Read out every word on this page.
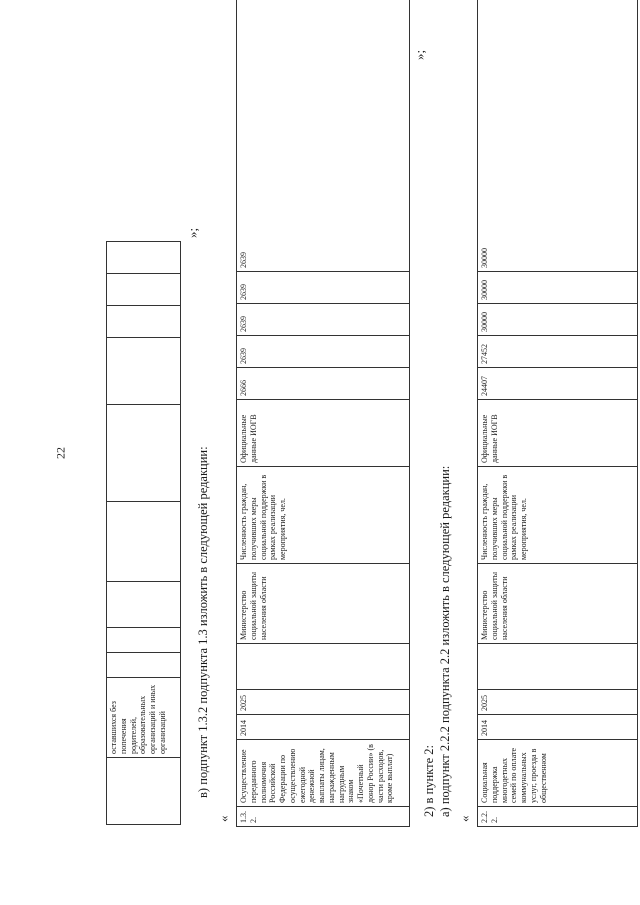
22
	оставшихся без попечения родителей, образовательных организаций и иных организаций									
»;
в) подпункт 1.3.2 подпункта 1.3 изложить в следующей редакции:
« 1.3.2.	Осуществление переданного полномочия Российской Федерации по осуществлению ежегодной денежной выплаты лицам, награжденным нагрудным знаком «Почетный донор России» (в части расходов, кроме выплат)	2014	2025		Министерство социальной защиты населения области	Численность граждан, получивших меры социальной поддержки в рамках реализации мероприятия, чел.	Официальные данные ИОГВ	2666	2639	2639	2639	2639
»;
2) в пункте 2: а) подпункт 2.2.2 подпункта 2.2 изложить в следующей редакции:
« 2.2.2.	Социальная поддержка многодетных семей по оплате коммунальных услуг, проезда в общественном	2014	2025		Министерство социальной защиты населения области	Численность граждан, получивших меры социальной поддержки в рамках реализации мероприятия, чел.	Официальные данные ИОГВ	24407	27452	30000	30000	30000
